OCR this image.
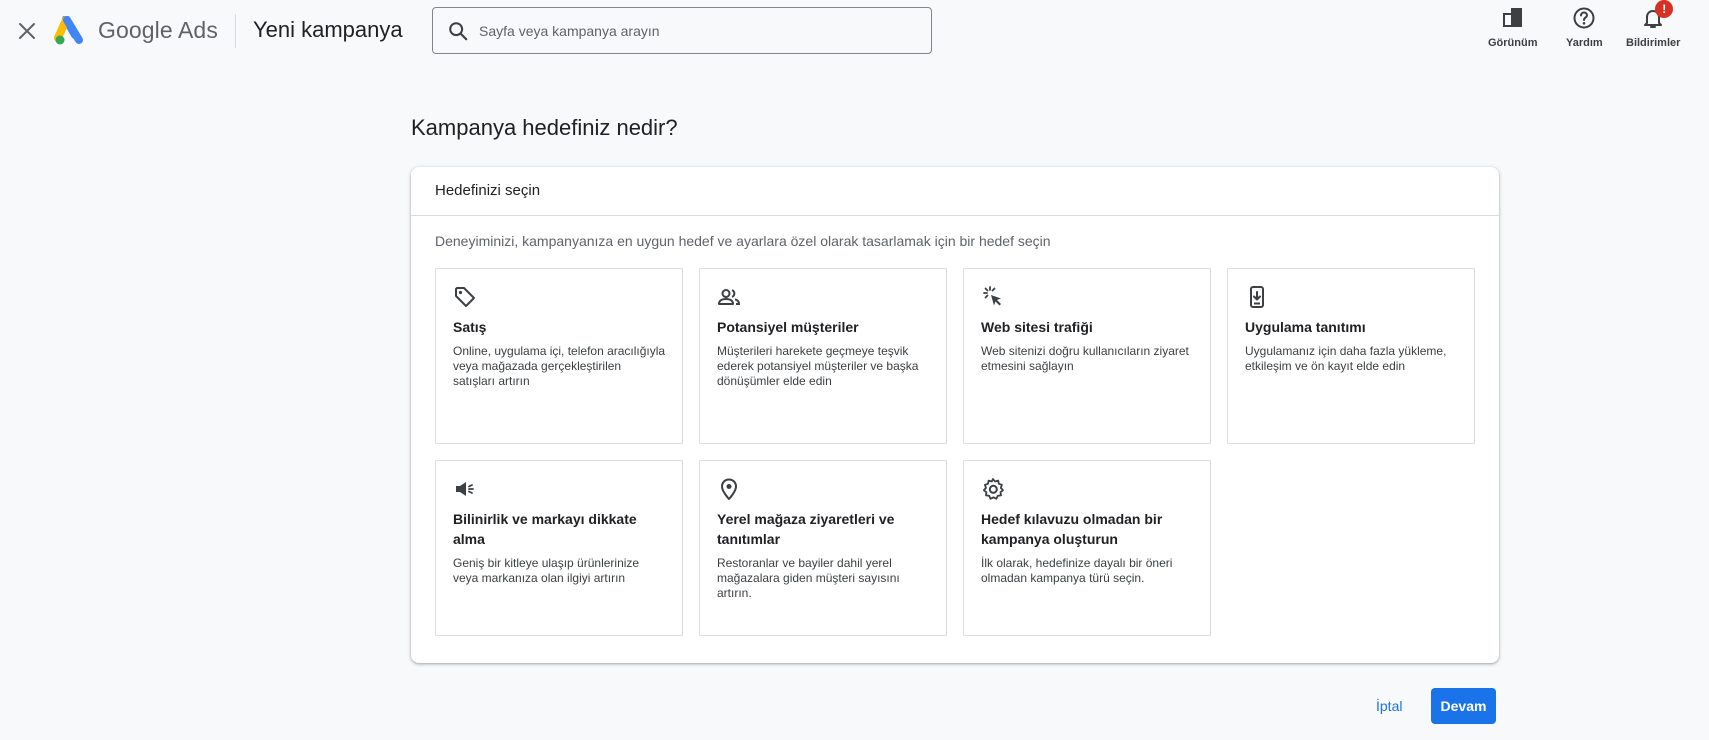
Google Ads Yeni kampanya
Sayfa veya kampanya arayın
Görünüm	Yardım
!
Bildirimler
Kampanya hedefiniz nedir?
Hedefinizi seçin
Deneyiminizi, kampanyanıza en uygun hedef ve ayarlara özel olarak tasarlamak için bir hedef seçin
Satış
Online, uygulama içi, telefon aracılığıyla veya mağazada gerçekleştirilen satışları artırın
Potansiyel müşteriler
Müşterileri harekete geçmeye teşvik ederek potansiyel müşteriler ve başka dönüşümler elde edin
Web sitesi trafiği
Web sitenizi doğru kullanıcıların ziyaret etmesini sağlayın
Uygulama tanıtımı
Uygulamanız için daha fazla yükleme, etkileşim ve ön kayıt elde edin
Bilinirlik ve markayı dikkate alma
Geniş bir kitleye ulaşıp ürünlerinize veya markanıza olan ilgiyi artırın
Yerel mağaza ziyaretleri ve tanıtımlar
Restoranlar ve bayiler dahil yerel mağazalara giden müşteri sayısını artırın.
Hedef kılavuzu olmadan bir kampanya oluşturun
İlk olarak, hedefinize dayalı bir öneri olmadan kampanya türü seçin.
İptal	Devam
